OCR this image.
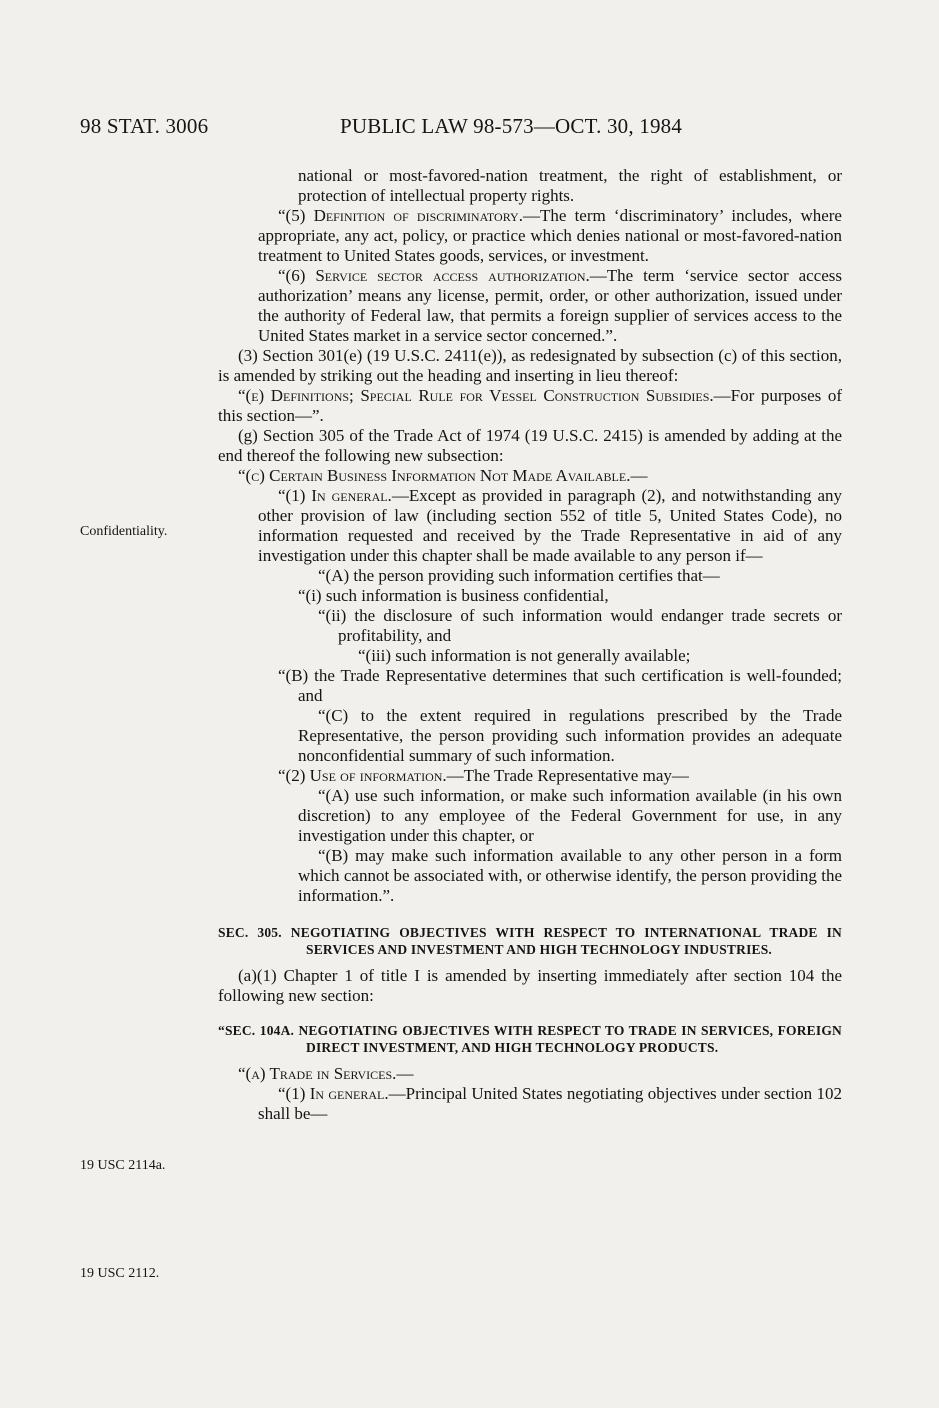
98 STAT. 3006	PUBLIC LAW 98-573—OCT. 30, 1984
Confidentiality.
19 USC 2114a.
19 USC 2112.

national or most-favored-nation treatment, the right of establishment, or protection of intellectual property rights.

“(5) Definition of discriminatory.—The term ‘discriminatory’ includes, where appropriate, any act, policy, or practice which denies national or most-favored-nation treatment to United States goods, services, or investment.

“(6) Service sector access authorization.—The term ‘service sector access authorization’ means any license, permit, order, or other authorization, issued under the authority of Federal law, that permits a foreign supplier of services access to the United States market in a service sector concerned.”.

(3) Section 301(e) (19 U.S.C. 2411(e)), as redesignated by subsection (c) of this section, is amended by striking out the heading and inserting in lieu thereof:

“(e) Definitions; Special Rule for Vessel Construction Subsidies.—For purposes of this section—”.

(g) Section 305 of the Trade Act of 1974 (19 U.S.C. 2415) is amended by adding at the end thereof the following new subsection:

“(c) Certain Business Information Not Made Available.—

“(1) In general.—Except as provided in paragraph (2), and notwithstanding any other provision of law (including section 552 of title 5, United States Code), no information requested and received by the Trade Representative in aid of any investigation under this chapter shall be made available to any person if—

“(A) the person providing such information certifies that—

“(i) such information is business confidential,

“(ii) the disclosure of such information would endanger trade secrets or profitability, and

“(iii) such information is not generally available;

“(B) the Trade Representative determines that such certification is well-founded; and

“(C) to the extent required in regulations prescribed by the Trade Representative, the person providing such information provides an adequate nonconfidential summary of such information.

“(2) Use of information.—The Trade Representative may—

“(A) use such information, or make such information available (in his own discretion) to any employee of the Federal Government for use, in any investigation under this chapter, or

“(B) may make such information available to any other person in a form which cannot be associated with, or otherwise identify, the person providing the information.”.

SEC. 305. NEGOTIATING OBJECTIVES WITH RESPECT TO INTERNATIONAL TRADE IN SERVICES AND INVESTMENT AND HIGH TECHNOLOGY INDUSTRIES.

(a)(1) Chapter 1 of title I is amended by inserting immediately after section 104 the following new section:

“SEC. 104A. NEGOTIATING OBJECTIVES WITH RESPECT TO TRADE IN SERVICES, FOREIGN DIRECT INVESTMENT, AND HIGH TECHNOLOGY PRODUCTS.

“(a) Trade in Services.—

“(1) In general.—Principal United States negotiating objectives under section 102 shall be—
